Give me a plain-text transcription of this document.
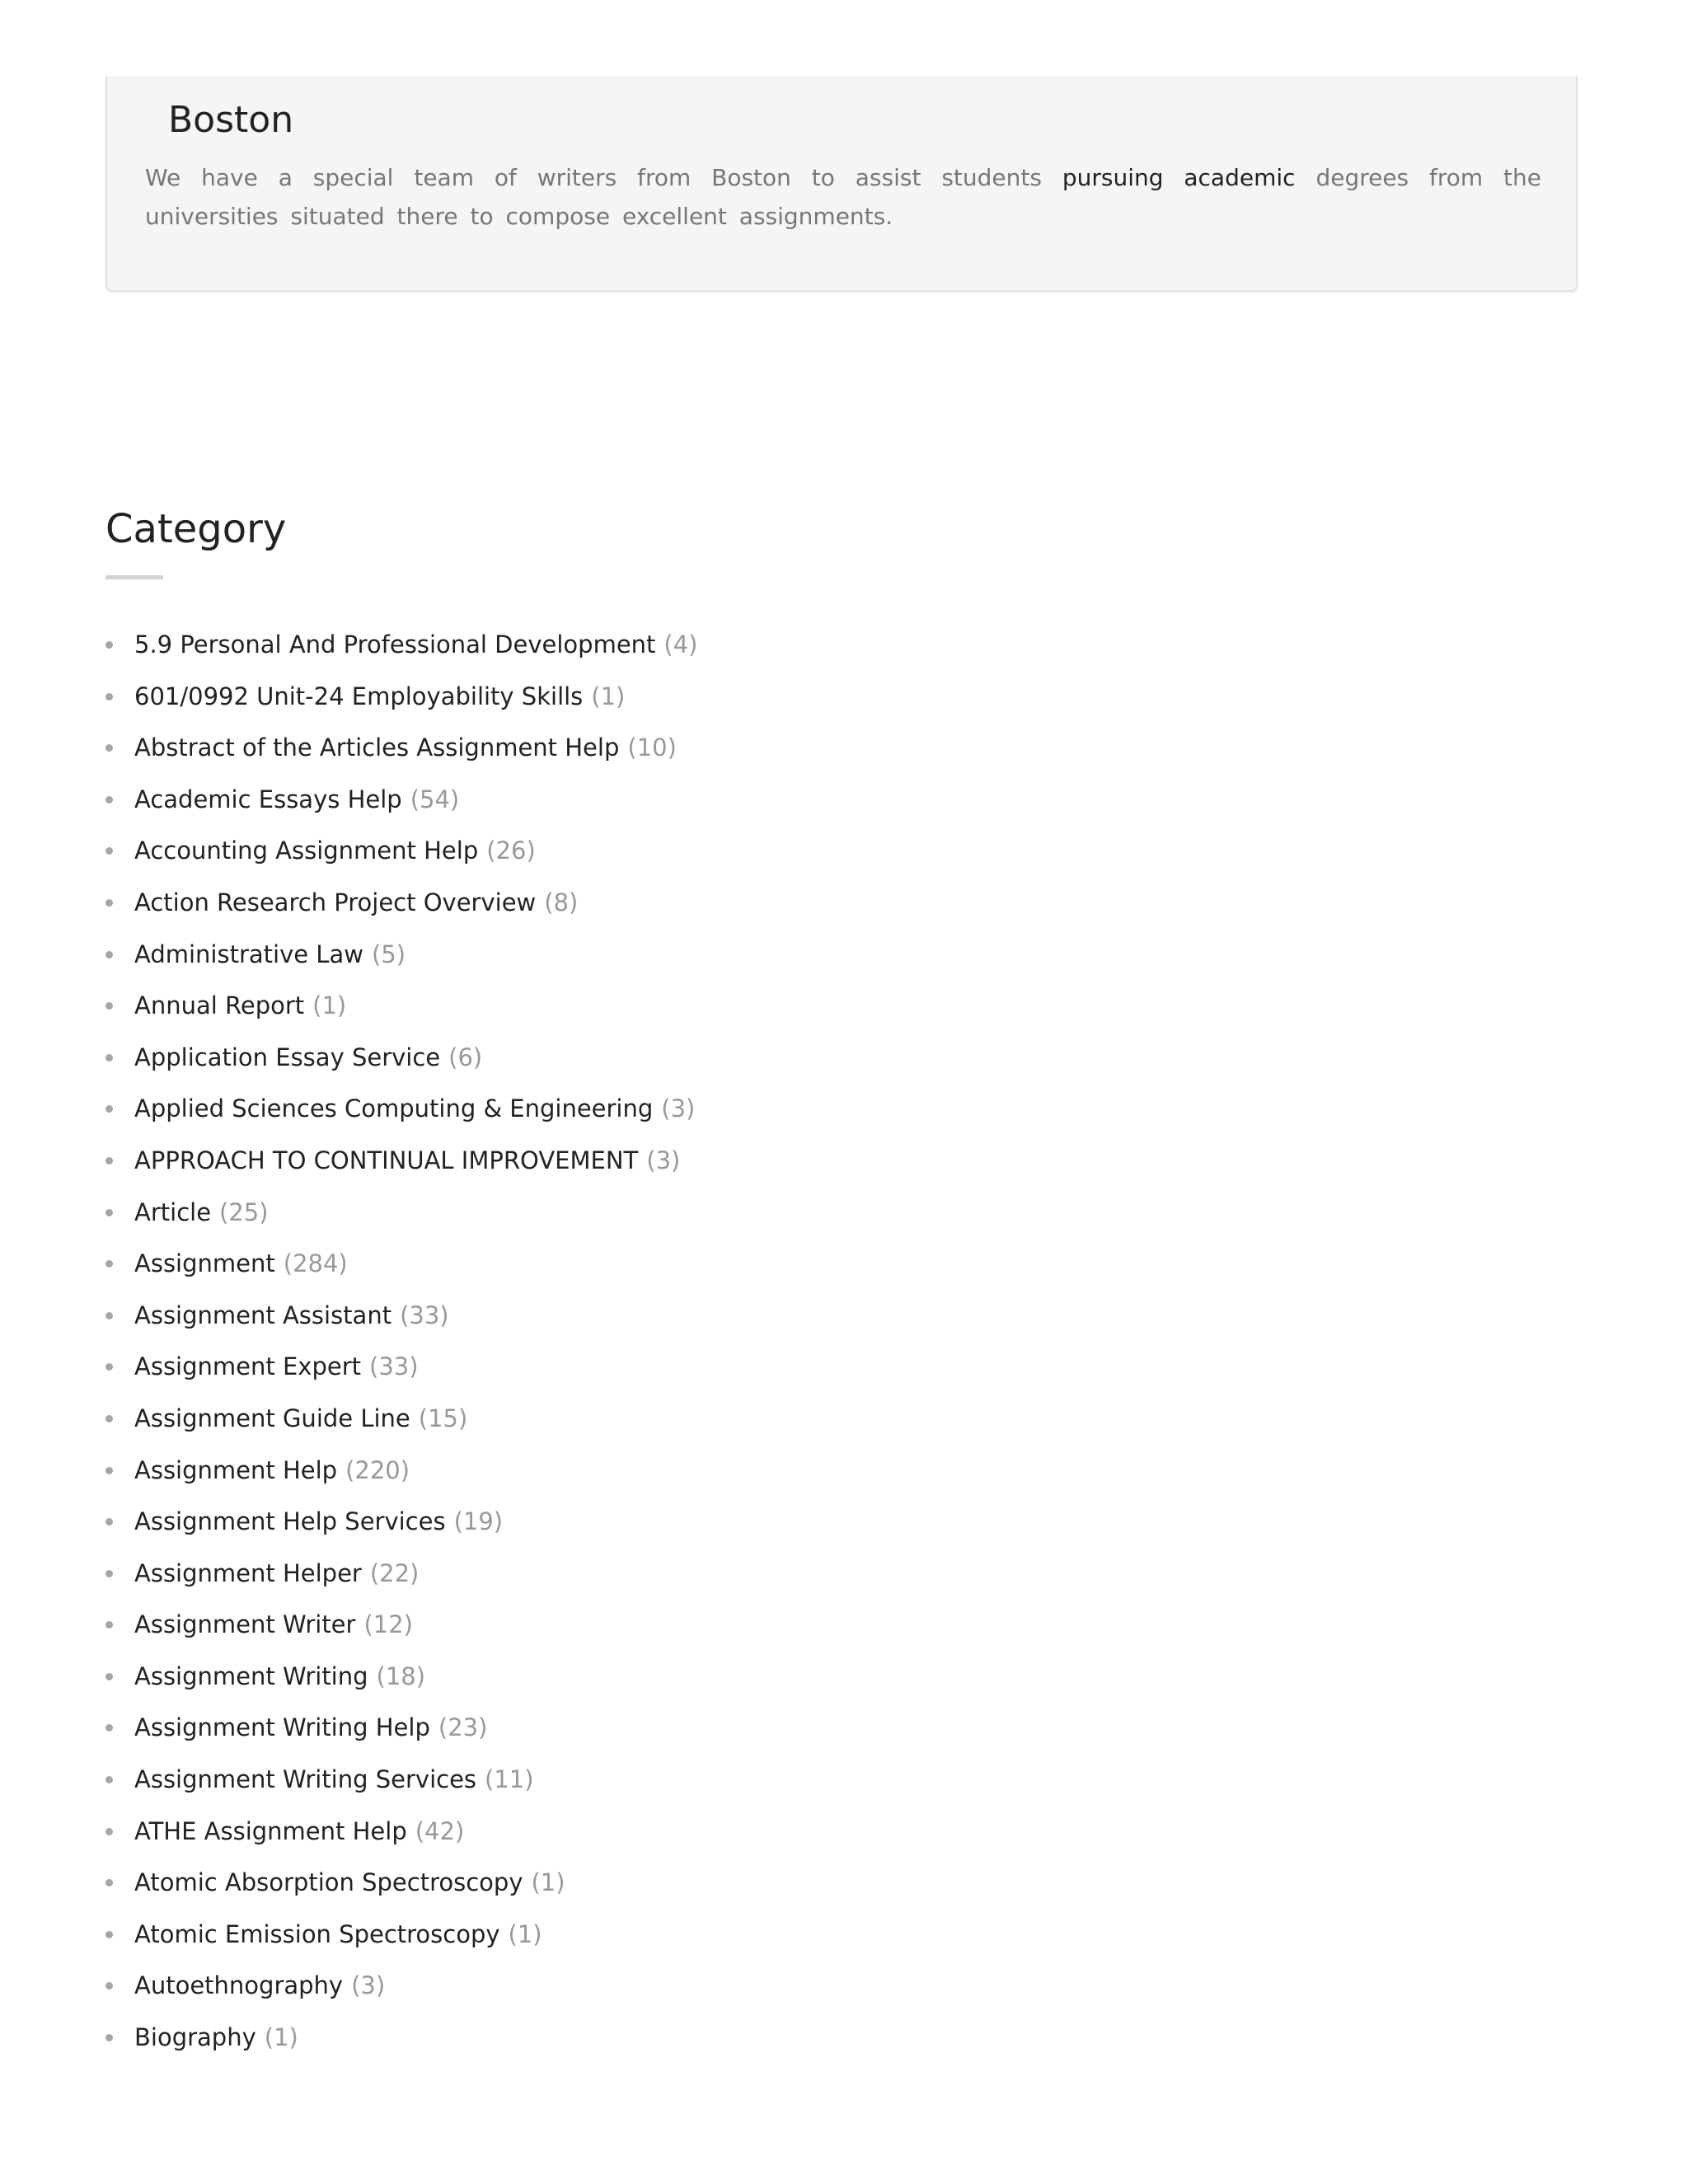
Boston

We have a special team of writers from Boston to assist students pursuing academic degrees from the universities situated there to compose excellent assignments.

Category
5.9 Personal And Professional Development (4)
601/0992 Unit-24 Employability Skills (1)
Abstract of the Articles Assignment Help (10)
Academic Essays Help (54)
Accounting Assignment Help (26)
Action Research Project Overview (8)
Administrative Law (5)
Annual Report (1)
Application Essay Service (6)
Applied Sciences Computing & Engineering (3)
APPROACH TO CONTINUAL IMPROVEMENT (3)
Article (25)
Assignment (284)
Assignment Assistant (33)
Assignment Expert (33)
Assignment Guide Line (15)
Assignment Help (220)
Assignment Help Services (19)
Assignment Helper (22)
Assignment Writer (12)
Assignment Writing (18)
Assignment Writing Help (23)
Assignment Writing Services (11)
ATHE Assignment Help (42)
Atomic Absorption Spectroscopy (1)
Atomic Emission Spectroscopy (1)
Autoethnography (3)
Biography (1)
